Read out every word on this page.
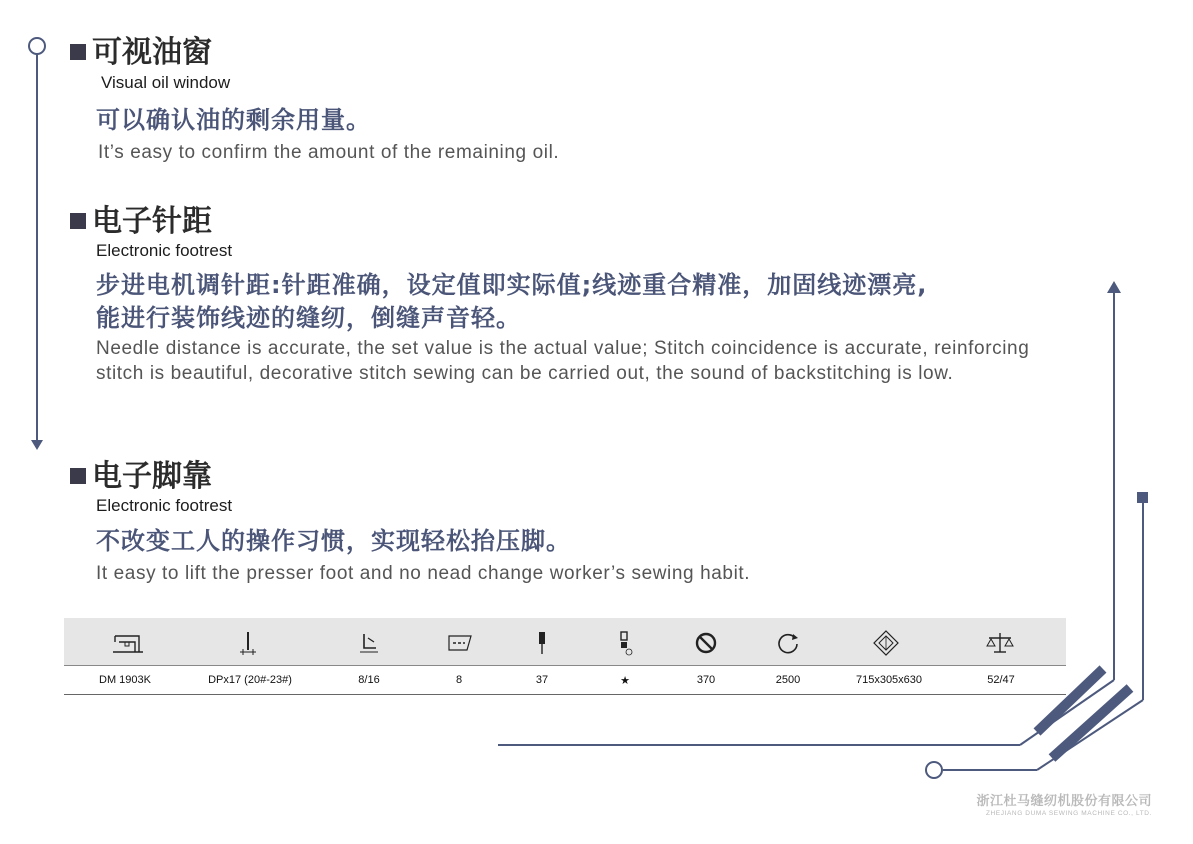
可视油窗
Visual oil window
可以确认油的剩余用量。
It’s easy to confirm the amount of the remaining oil.
电子针距
Electronic footrest
步进电机调针距:针距准确，设定值即实际值;线迹重合精准，加固线迹漂亮,
能进行装饰线迹的缝纫，倒缝声音轻。
Needle distance is accurate, the set value is the actual value; Stitch coincidence is accurate, reinforcing stitch is beautiful, decorative stitch sewing can be carried out, the sound of backstitching is low.
电子脚靠
Electronic footrest
不改变工人的操作习惯，实现轻松抬压脚。
It easy to lift the presser foot and no nead change worker’s sewing habit.
DM 1903K	DPx17 (20#-23#)	8/16	8	37	★	370	2500	715x305x630	52/47
浙江杜马缝纫机股份有限公司
ZHEJIANG DUMA SEWING MACHINE CO., LTD.
